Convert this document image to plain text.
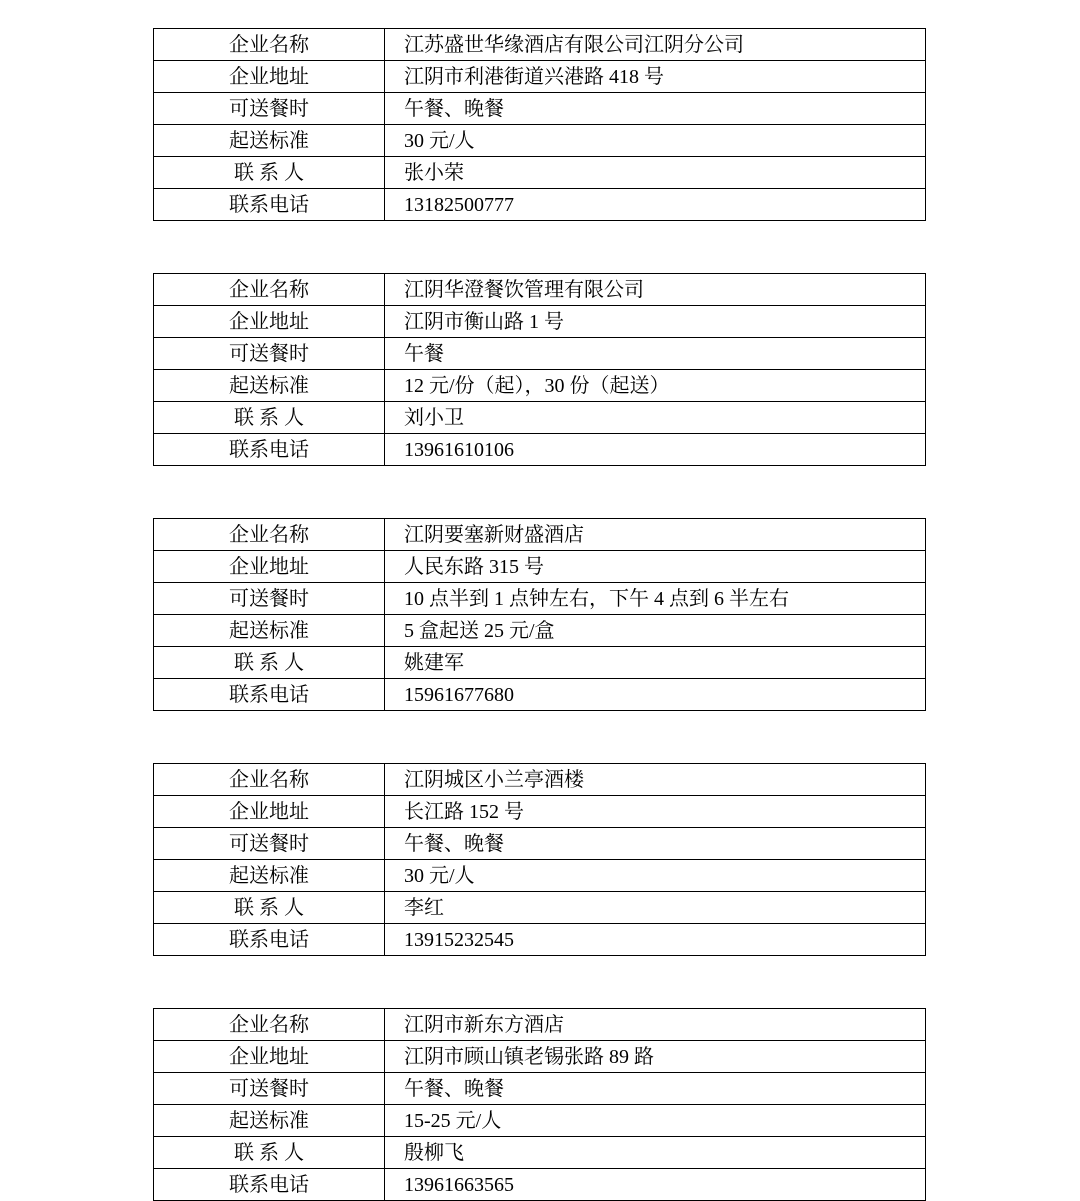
企业名称	江苏盛世华缘酒店有限公司江阴分公司
企业地址	江阴市利港街道兴港路 418 号
可送餐时	午餐、晚餐
起送标准	30 元/人
联 系 人	张小荣
联系电话	13182500777
企业名称	江阴华澄餐饮管理有限公司
企业地址	江阴市衡山路 1 号
可送餐时	午餐
起送标准	12 元/份（起），30 份（起送）
联 系 人	刘小卫
联系电话	13961610106
企业名称	江阴要塞新财盛酒店
企业地址	人民东路 315 号
可送餐时	10 点半到 1 点钟左右，下午 4 点到 6 半左右
起送标准	5 盒起送 25 元/盒
联 系 人	姚建军
联系电话	15961677680
企业名称	江阴城区小兰亭酒楼
企业地址	长江路 152 号
可送餐时	午餐、晚餐
起送标准	30 元/人
联 系 人	李红
联系电话	13915232545
企业名称	江阴市新东方酒店
企业地址	江阴市顾山镇老锡张路 89 路
可送餐时	午餐、晚餐
起送标准	15-25 元/人
联 系 人	殷柳飞
联系电话	13961663565
